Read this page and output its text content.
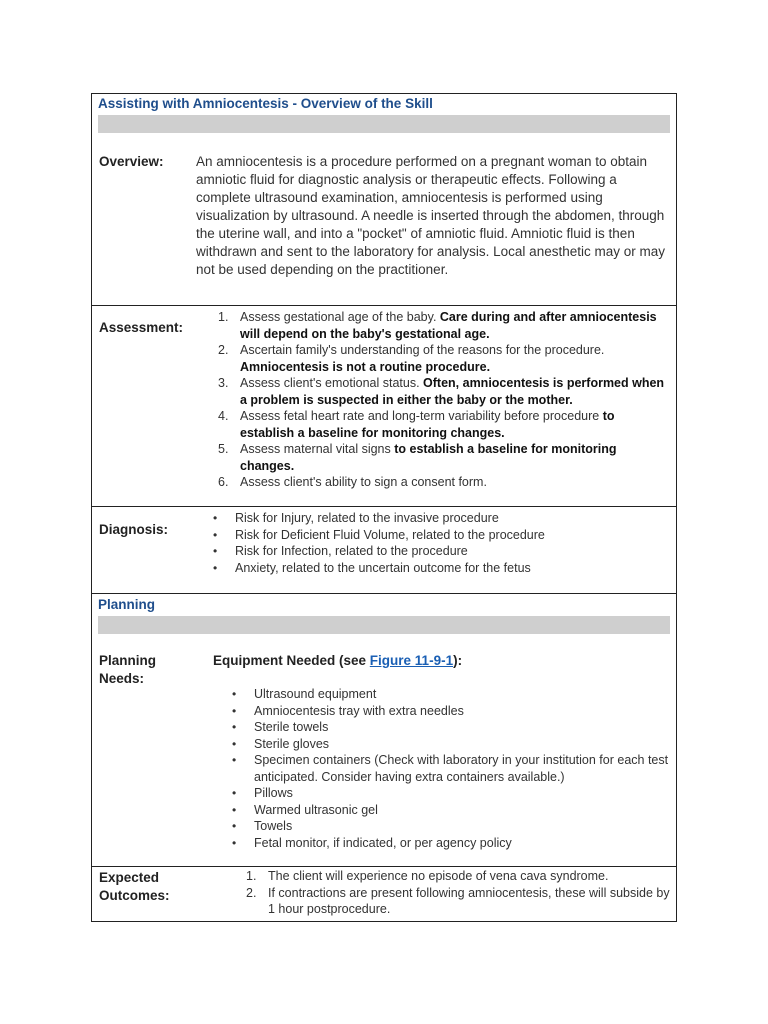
Assisting with Amniocentesis - Overview of the Skill
Overview: An amniocentesis is a procedure performed on a pregnant woman to obtain amniotic fluid for diagnostic analysis or therapeutic effects. Following a complete ultrasound examination, amniocentesis is performed using visualization by ultrasound. A needle is inserted through the abdomen, through the uterine wall, and into a "pocket" of amniotic fluid. Amniotic fluid is then withdrawn and sent to the laboratory for analysis. Local anesthetic may or may not be used depending on the practitioner.
Assessment:
1. Assess gestational age of the baby. Care during and after amniocentesis will depend on the baby's gestational age.
2. Ascertain family's understanding of the reasons for the procedure. Amniocentesis is not a routine procedure.
3. Assess client's emotional status. Often, amniocentesis is performed when a problem is suspected in either the baby or the mother.
4. Assess fetal heart rate and long-term variability before procedure to establish a baseline for monitoring changes.
5. Assess maternal vital signs to establish a baseline for monitoring changes.
6. Assess client's ability to sign a consent form.
Diagnosis:
• Risk for Injury, related to the invasive procedure
• Risk for Deficient Fluid Volume, related to the procedure
• Risk for Infection, related to the procedure
• Anxiety, related to the uncertain outcome for the fetus
Planning
Planning Needs:
Equipment Needed (see Figure 11-9-1):
• Ultrasound equipment
• Amniocentesis tray with extra needles
• Sterile towels
• Sterile gloves
• Specimen containers (Check with laboratory in your institution for each test anticipated. Consider having extra containers available.)
• Pillows
• Warmed ultrasonic gel
• Towels
• Fetal monitor, if indicated, or per agency policy
Expected Outcomes:
1. The client will experience no episode of vena cava syndrome.
2. If contractions are present following amniocentesis, these will subside by 1 hour postprocedure.
